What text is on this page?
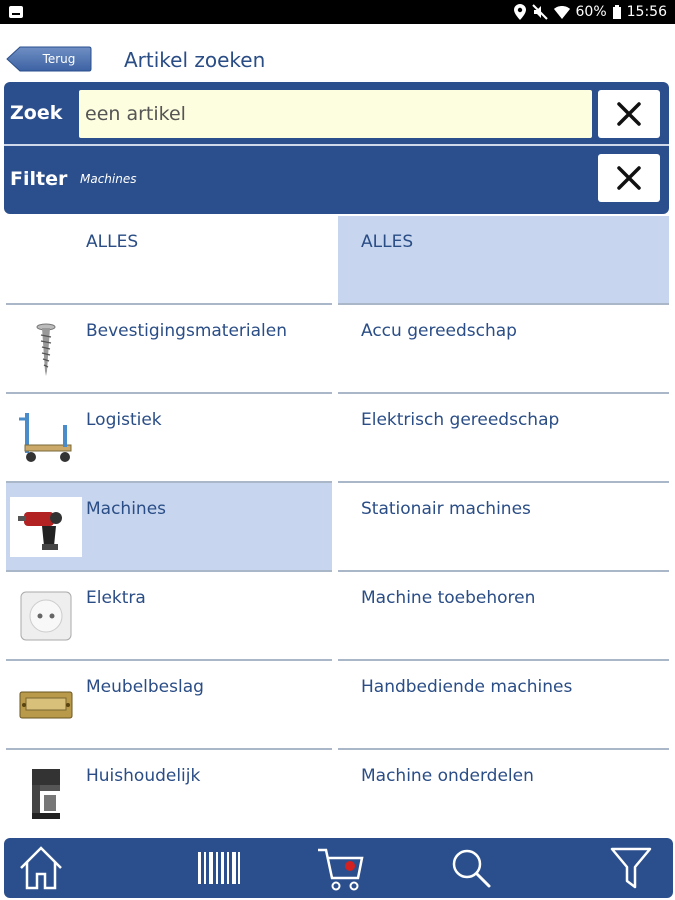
60% 15:56
Terug	Artikel zoeken
Zoek
een artikel
Filter Machines
ALLES
Bevestigingsmaterialen
Logistiek
Machines
Elektra
Meubelbeslag
Huishoudelijk
ALLES
Accu gereedschap
Elektrisch gereedschap
Stationair machines
Machine toebehoren
Handbediende machines
Machine onderdelen
